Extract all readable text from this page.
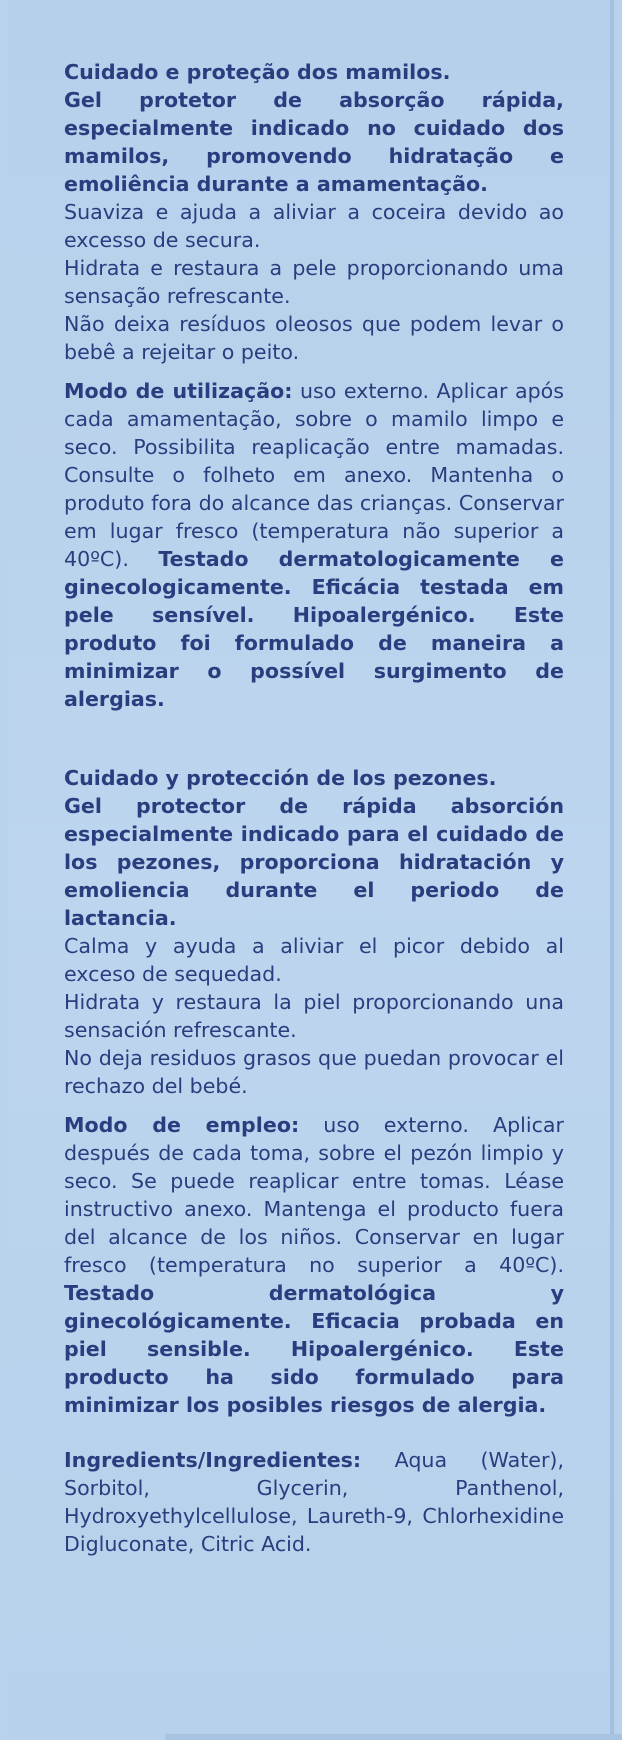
Cuidado e proteção dos mamilos.

Gel protetor de absorção rápida, especialmente indicado no cuidado dos mamilos, promovendo hidratação e emoliência durante a amamentação.

Suaviza e ajuda a aliviar a coceira devido ao excesso de secura.

Hidrata e restaura a pele proporcionando uma sensação refrescante.

Não deixa resíduos oleosos que podem levar o bebê a rejeitar o peito.

Modo de utilização: uso externo. Aplicar após cada amamentação, sobre o mamilo limpo e seco. Possibilita reaplicação entre mamadas. Consulte o folheto em anexo. Mantenha o produto fora do alcance das crianças. Conservar em lugar fresco (temperatura não superior a 40ºC). Testado dermatologicamente e ginecologicamente. Eficácia testada em pele sensível. Hipoalergénico. Este produto foi formulado de maneira a minimizar o possível surgimento de alergias.

Cuidado y protección de los pezones.

Gel protector de rápida absorción especialmente indicado para el cuidado de los pezones, proporciona hidratación y emoliencia durante el periodo de lactancia.

Calma y ayuda a aliviar el picor debido al exceso de sequedad.

Hidrata y restaura la piel proporcionando una sensación refrescante.

No deja residuos grasos que puedan provocar el rechazo del bebé.

Modo de empleo: uso externo. Aplicar después de cada toma, sobre el pezón limpio y seco. Se puede reaplicar entre tomas. Léase instructivo anexo. Mantenga el producto fuera del alcance de los niños. Conservar en lugar fresco (temperatura no superior a 40ºC). Testado dermatológica y ginecológicamente. Eficacia probada en piel sensible. Hipoalergénico. Este producto ha sido formulado para minimizar los posibles riesgos de alergia.

Ingredients/Ingredientes: Aqua (Water), Sorbitol, Glycerin, Panthenol, Hydroxyethylcellulose, Laureth-9, Chlorhexidine Digluconate, Citric Acid.
